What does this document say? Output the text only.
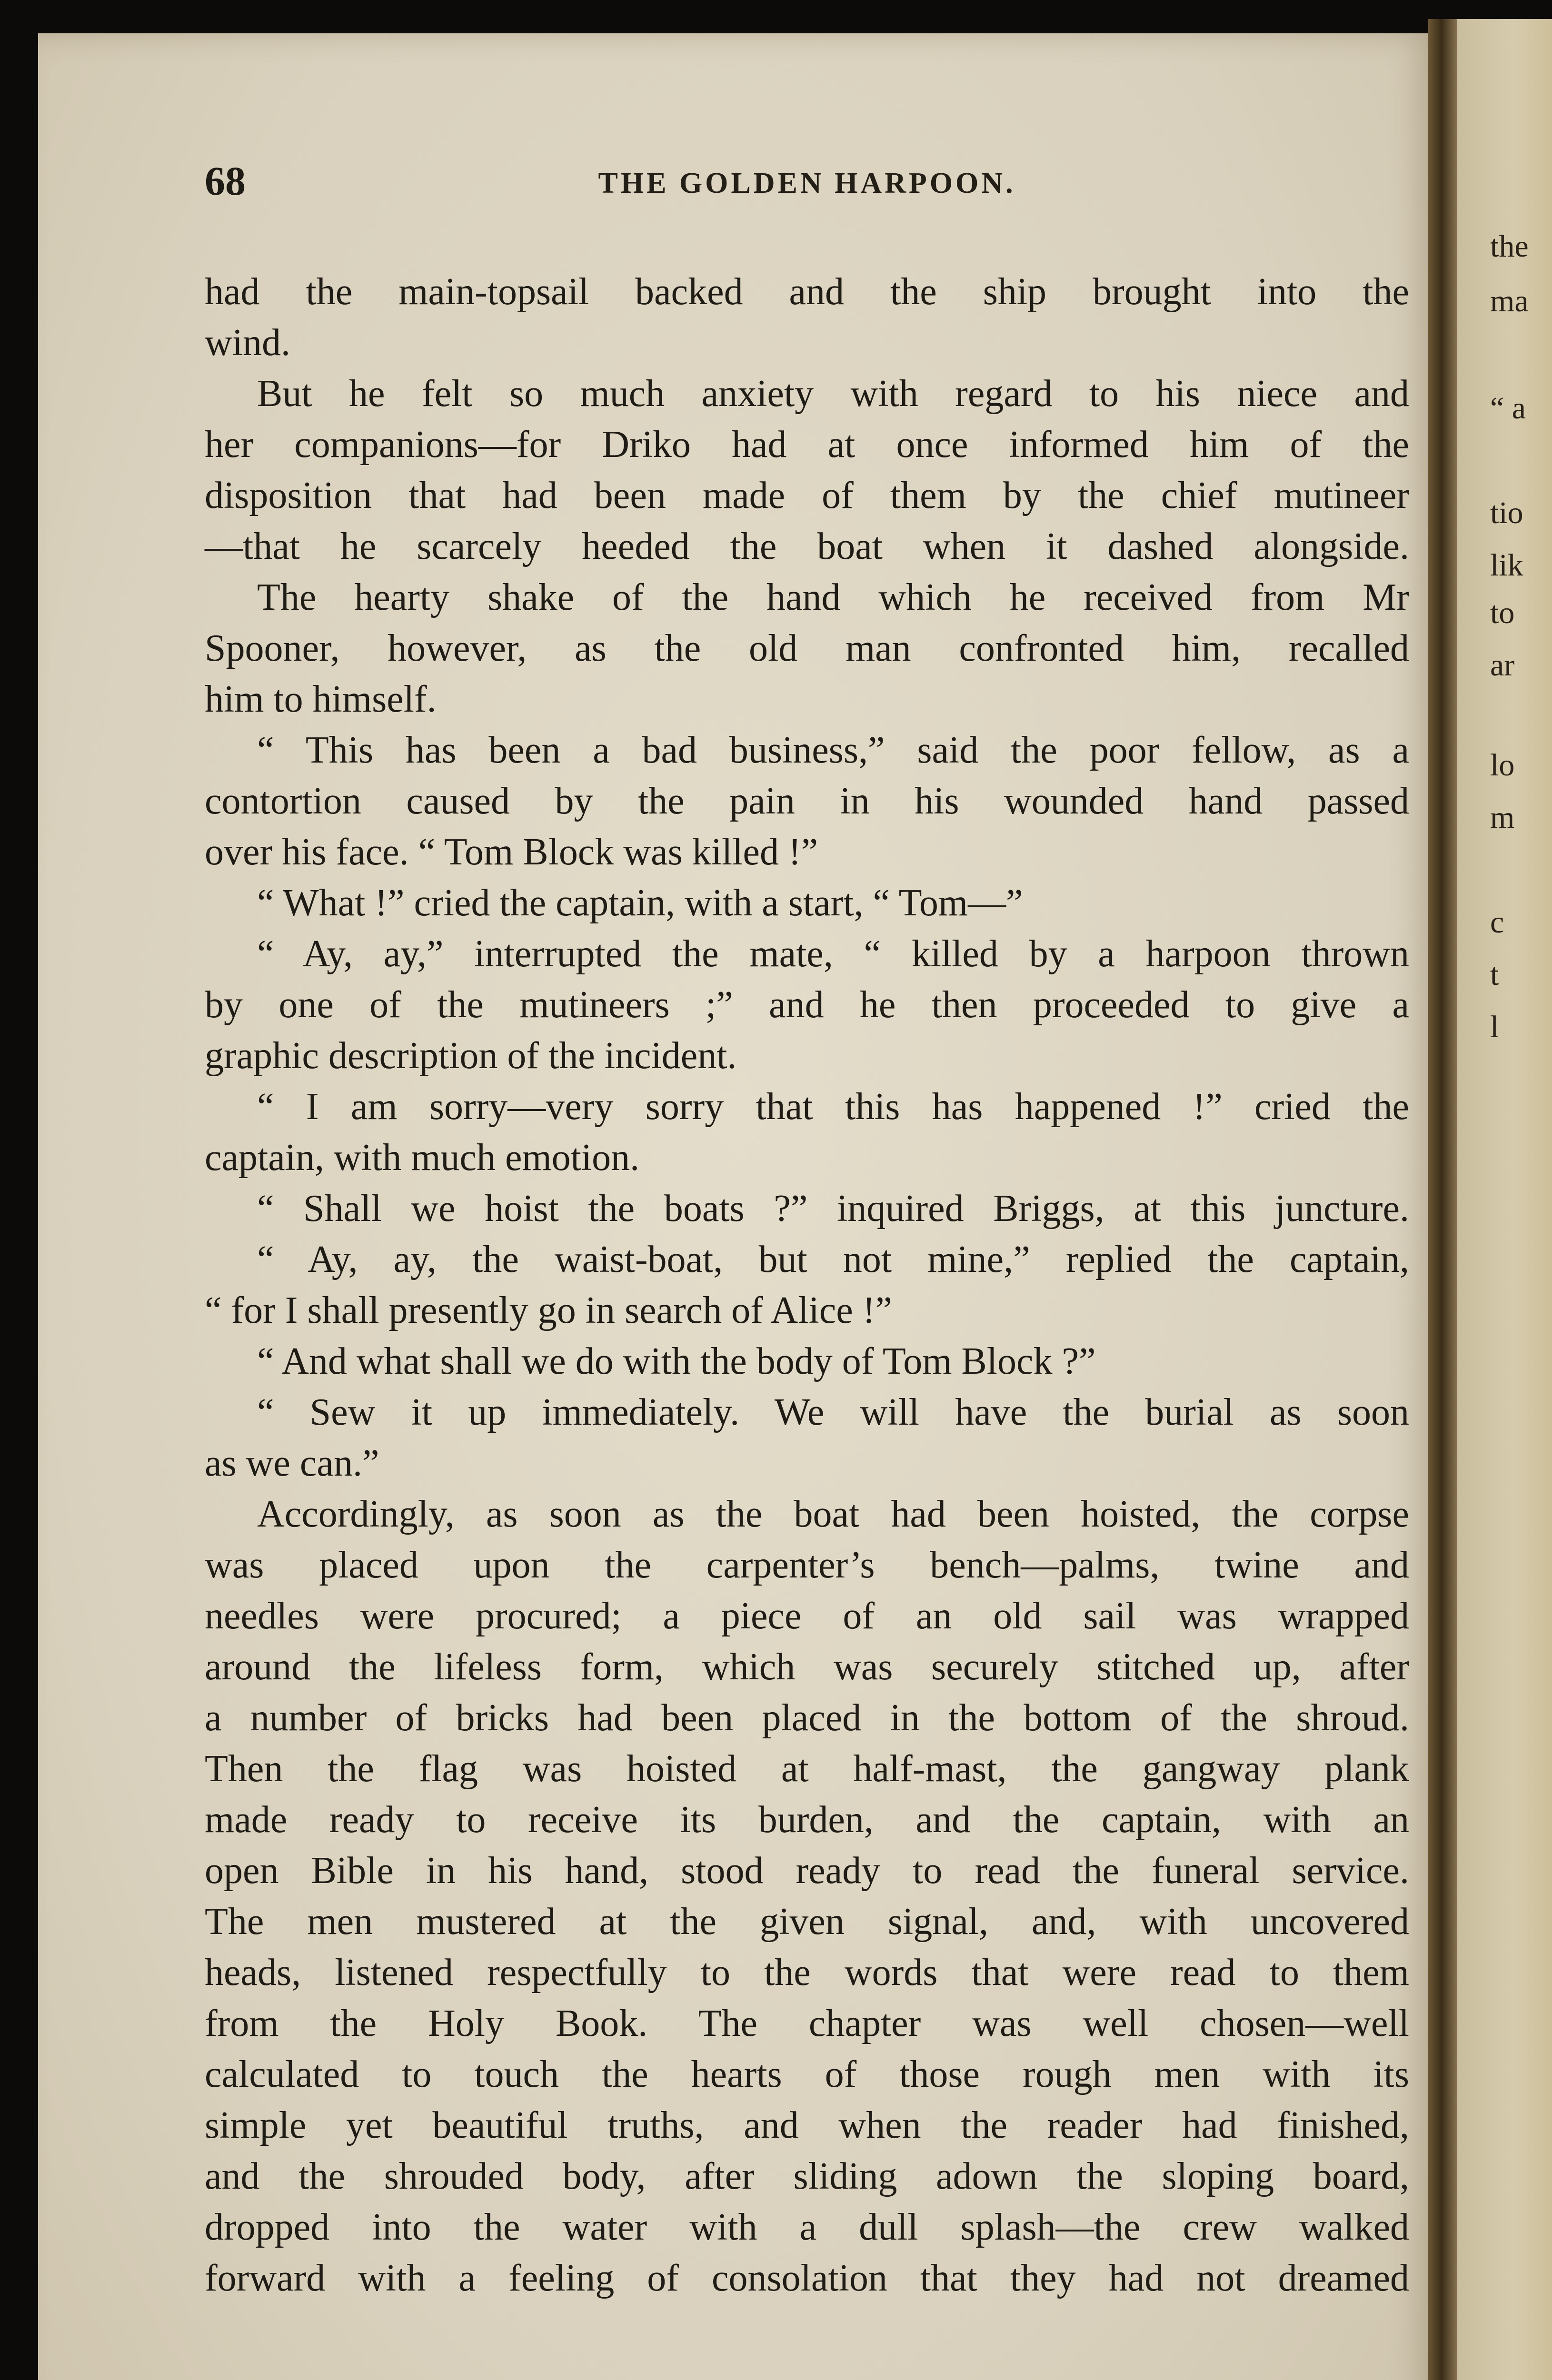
the
ma
“ a
tio
lik
to
ar
lo
m
c
t
l
68	THE GOLDEN HARPOON.
had the main-topsail backed and the ship brought into the
wind.
But he felt so much anxiety with regard to his niece and
her companions—for Driko had at once informed him of the
disposition that had been made of them by the chief mutineer
—that he scarcely heeded the boat when it dashed alongside.
The hearty shake of the hand which he received from Mr
Spooner, however, as the old man confronted him, recalled
him to himself.
“ This has been a bad business,” said the poor fellow, as a
contortion caused by the pain in his wounded hand passed
over his face. “ Tom Block was killed !”
“ What !” cried the captain, with a start, “ Tom—”
“ Ay, ay,” interrupted the mate, “ killed by a harpoon thrown
by one of the mutineers ;” and he then proceeded to give a
graphic description of the incident.
“ I am sorry—very sorry that this has happened !” cried the
captain, with much emotion.
“ Shall we hoist the boats ?” inquired Briggs, at this juncture.
“ Ay, ay, the waist-boat, but not mine,” replied the captain,
“ for I shall presently go in search of Alice !”
“ And what shall we do with the body of Tom Block ?”
“ Sew it up immediately. We will have the burial as soon
as we can.”
Accordingly, as soon as the boat had been hoisted, the corpse
was placed upon the carpenter’s bench—palms, twine and
needles were procured; a piece of an old sail was wrapped
around the lifeless form, which was securely stitched up, after
a number of bricks had been placed in the bottom of the shroud.
Then the flag was hoisted at half-mast, the gangway plank
made ready to receive its burden, and the captain, with an
open Bible in his hand, stood ready to read the funeral service.
The men mustered at the given signal, and, with uncovered
heads, listened respectfully to the words that were read to them
from the Holy Book. The chapter was well chosen—well
calculated to touch the hearts of those rough men with its
simple yet beautiful truths, and when the reader had finished,
and the shrouded body, after sliding adown the sloping board,
dropped into the water with a dull splash—the crew walked
forward with a feeling of consolation that they had not dreamed
